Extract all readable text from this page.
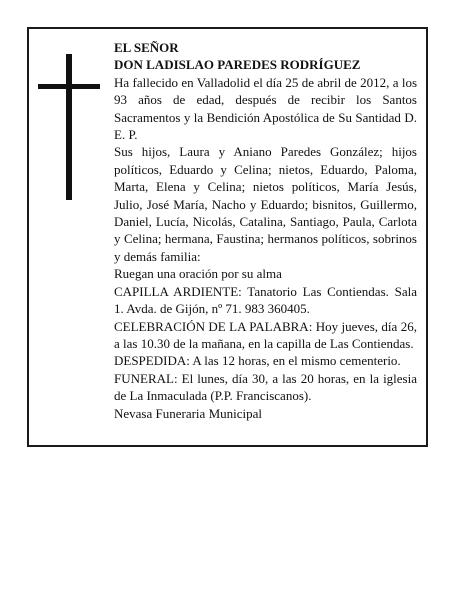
EL SEÑOR

DON LADISLAO PAREDES RODRÍGUEZ

Ha fallecido en Valladolid el día 25 de abril de 2012, a los 93 años de edad, después de recibir los Santos Sacramentos y la Bendición Apostólica de Su Santidad D. E. P.

Sus hijos, Laura y Aniano Paredes González; hijos políticos, Eduardo y Celina; nietos, Eduardo, Paloma, Marta, Elena y Celina; nietos políticos, María Jesús, Julio, José María, Nacho y Eduardo; bisnitos, Guillermo, Daniel, Lucía, Nicolás, Catalina, Santiago, Paula, Carlota y Celina; hermana, Faustina; hermanos políticos, sobrinos y demás familia:

Ruegan una oración por su alma

CAPILLA ARDIENTE: Tanatorio Las Contiendas. Sala 1. Avda. de Gijón, nº 71. 983 360405.

CELEBRACIÓN DE LA PALABRA: Hoy jueves, día 26, a las 10.30 de la mañana, en la capilla de Las Contiendas.

DESPEDIDA: A las 12 horas, en el mismo cementerio.

FUNERAL: El lunes, día 30, a las 20 horas, en la iglesia de La Inmaculada (P.P. Franciscanos).

Nevasa Funeraria Municipal
